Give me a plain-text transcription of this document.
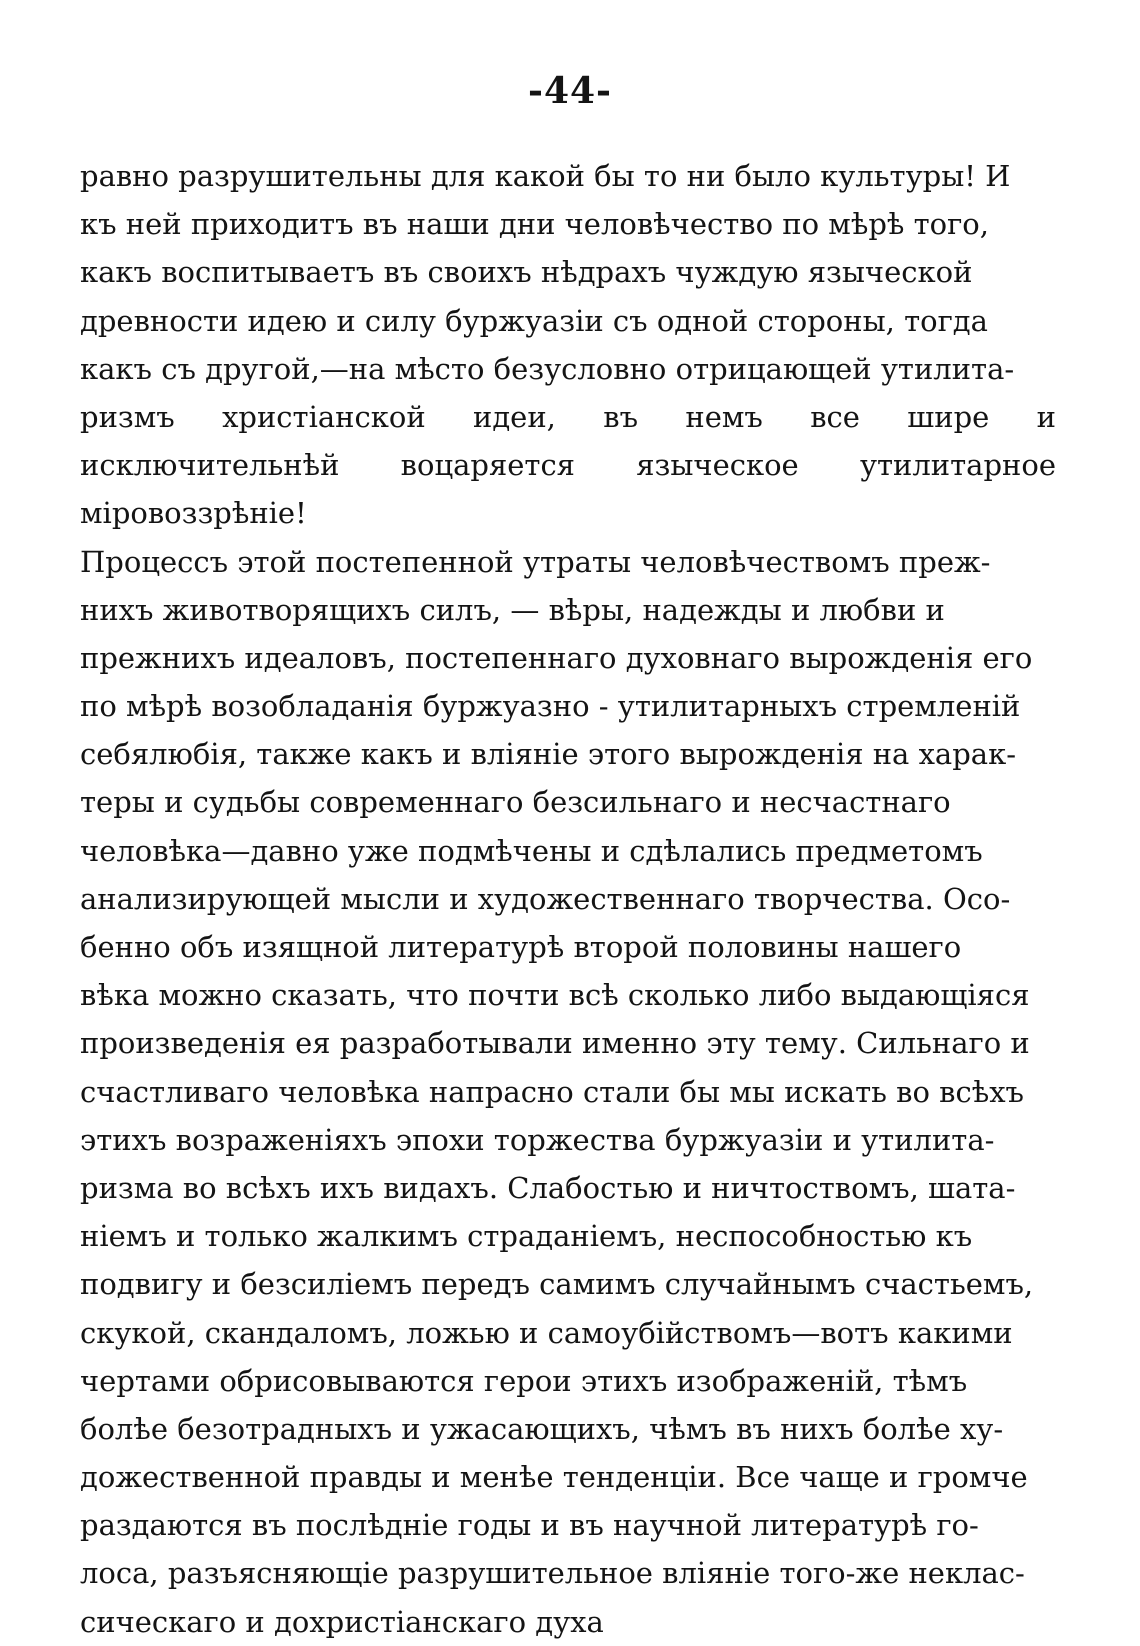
-44-
равно разрушительны для какой бы то ни было культуры! И
къ ней приходитъ въ наши дни человѣчество по мѣрѣ того,
какъ воспитываетъ въ своихъ нѣдрахъ чуждую языческой
древности идею и силу буржуазіи съ одной стороны, тогда
какъ съ другой,—на мѣсто безусловно отрицающей утилита-
ризмъ христіанской идеи, въ немъ все шире и
исключительнѣй воцаряется языческое утилитарное
міровоззрѣніе!
Процессъ этой постепенной утраты человѣчествомъ преж-
нихъ животворящихъ силъ, — вѣры, надежды и любви и
прежнихъ идеаловъ, постепеннаго духовнаго вырожденія его
по мѣрѣ возобладанія буржуазно - утилитарныхъ стремленій
себялюбія, также какъ и вліяніе этого вырожденія на харак-
теры и судьбы современнаго безсильнаго и несчастнаго
человѣка—давно уже подмѣчены и сдѣлались предметомъ
анализирующей мысли и художественнаго творчества. Осо-
бенно объ изящной литературѣ второй половины нашего
вѣка можно сказать, что почти всѣ сколько либо выдающіяся
произведенія ея разработывали именно эту тему. Сильнаго и
счастливаго человѣка напрасно стали бы мы искать во всѣхъ
этихъ возраженіяхъ эпохи торжества буржуазіи и утилита-
ризма во всѣхъ ихъ видахъ. Слабостью и ничтоствомъ, шата-
ніемъ и только жалкимъ страданіемъ, неспособностью къ
подвигу и безсиліемъ передъ самимъ случайнымъ счастьемъ,
скукой, скандаломъ, ложью и самоубійствомъ—вотъ какими
чертами обрисовываются герои этихъ изображеній, тѣмъ
болѣе безотрадныхъ и ужасающихъ, чѣмъ въ нихъ болѣе ху-
дожественной правды и менѣе тенденціи. Все чаще и громче
раздаются въ послѣдніе годы и въ научной литературѣ го-
лоса, разъясняющіе разрушительное вліяніе того-же неклас-
сическаго и дохристіанскаго духа
